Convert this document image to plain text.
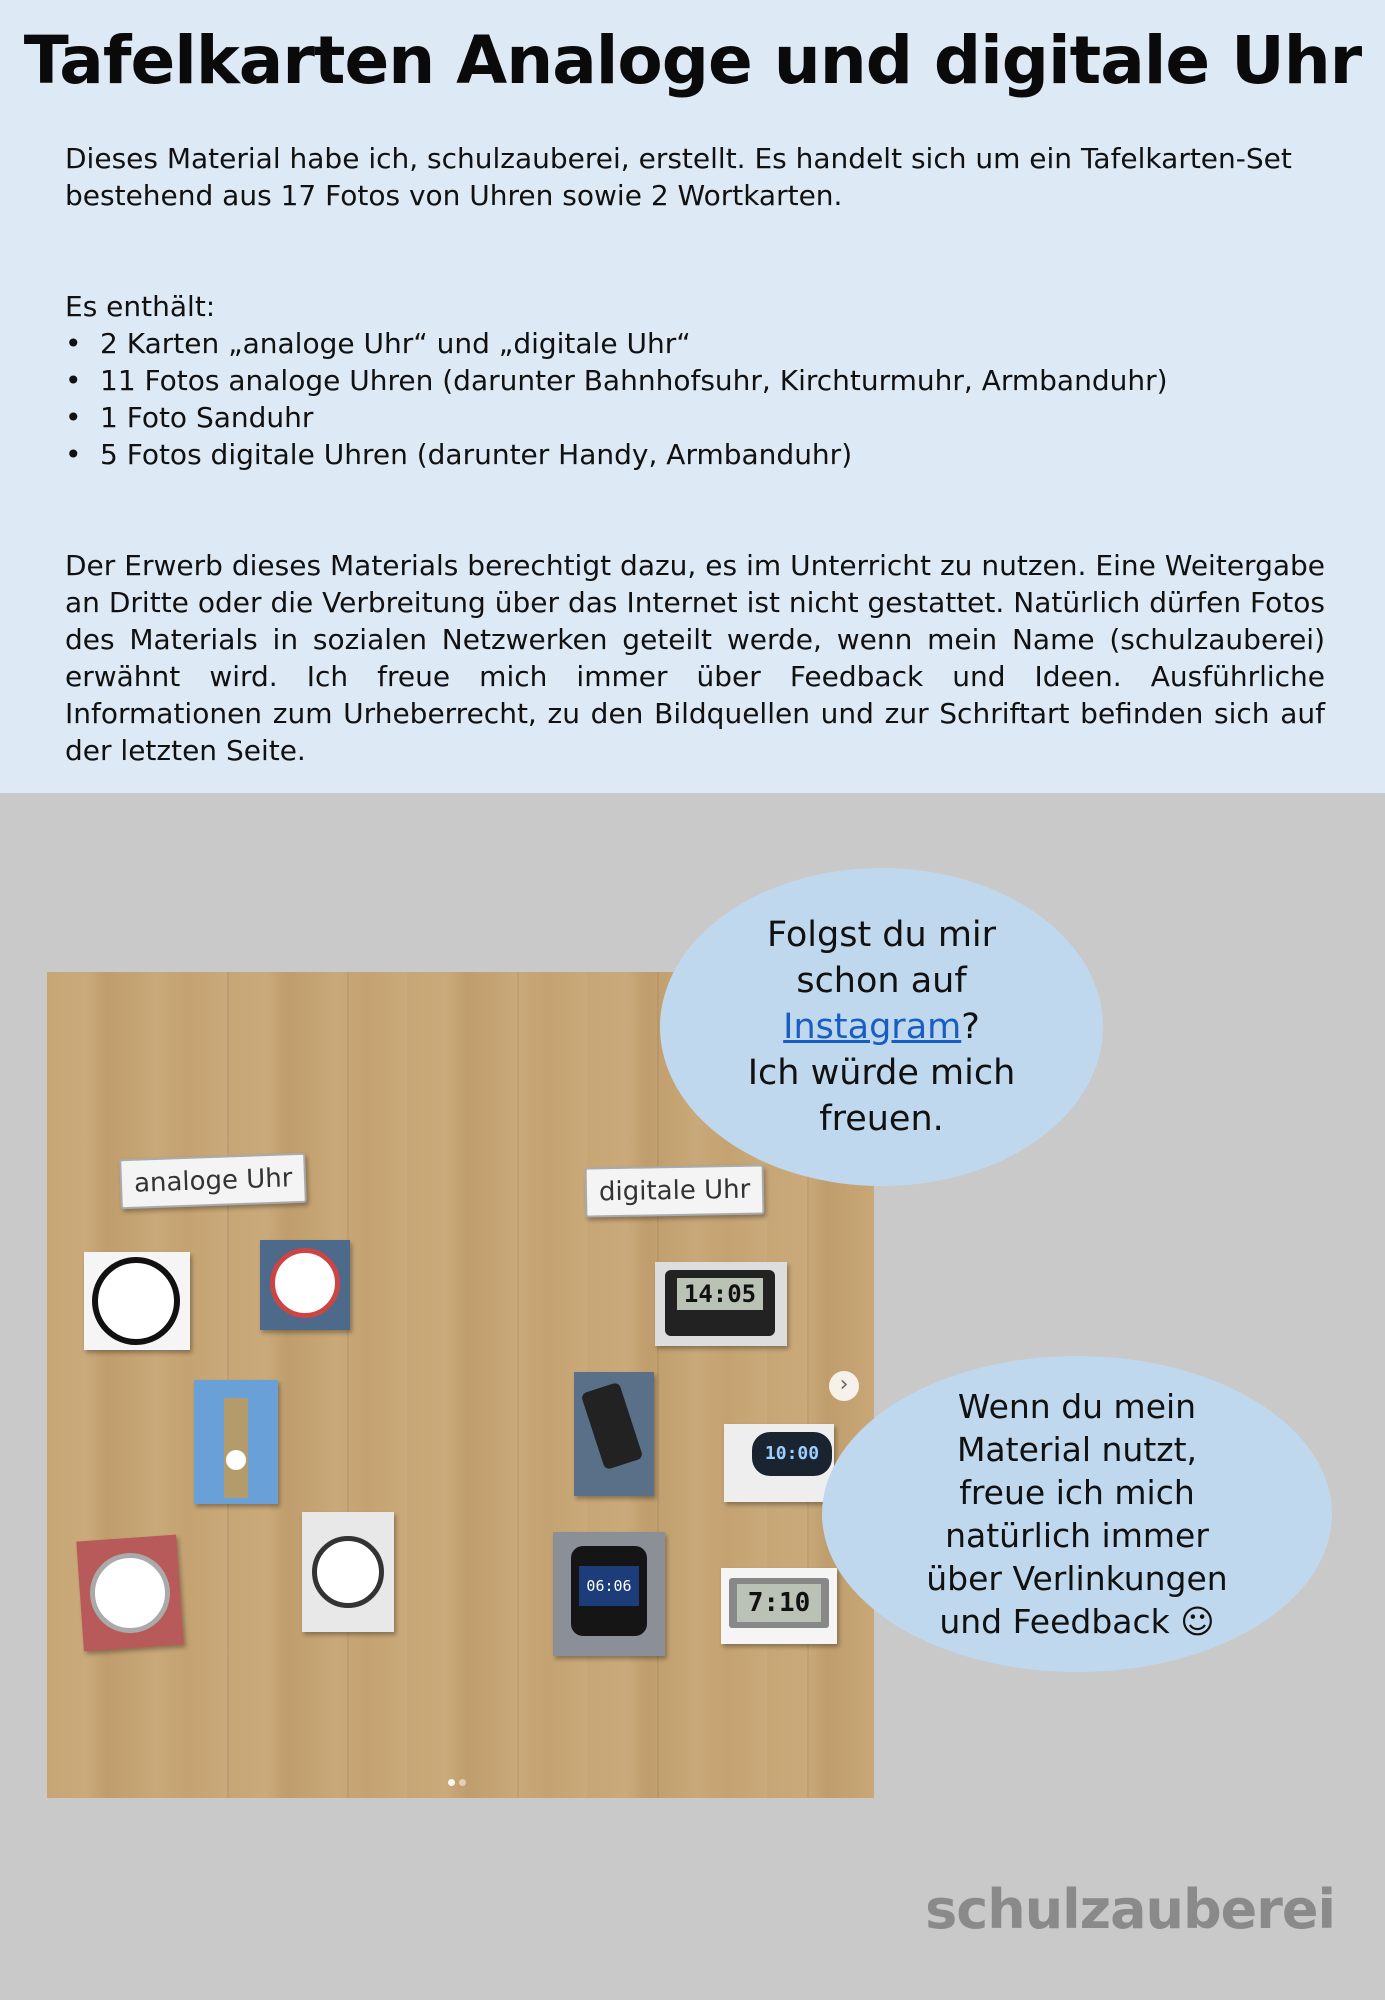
Tafelkarten Analoge und digitale Uhr
Dieses Material habe ich, schulzauberei, erstellt. Es handelt sich um ein Tafelkarten-Set bestehend aus 17 Fotos von Uhren sowie 2 Wortkarten.
Es enthält:
• 2 Karten „analoge Uhr“ und „digitale Uhr“
• 11 Fotos analoge Uhren (darunter Bahnhofsuhr, Kirchturmuhr, Armbanduhr)
• 1 Foto Sanduhr
• 5 Fotos digitale Uhren (darunter Handy, Armbanduhr)
Der Erwerb dieses Materials berechtigt dazu, es im Unterricht zu nutzen. Eine Weitergabe an Dritte oder die Verbreitung über das Internet ist nicht gestattet. Natürlich dürfen Fotos des Materials in sozialen Netzwerken geteilt werde, wenn mein Name (schulzauberei) erwähnt wird. Ich freue mich immer über Feedback und Ideen. Ausführliche Informationen zum Urheberrecht, zu den Bildquellen und zur Schriftart befinden sich auf der letzten Seite.
analoge Uhr	digitale Uhr
14:05
10:00
06:06
7:10
›
Folgst du mir
schon auf
Instagram?
Ich würde mich
freuen.
Wenn du mein
Material nutzt,
freue ich mich
natürlich immer
über Verlinkungen
und Feedback ☺
schulzauberei
